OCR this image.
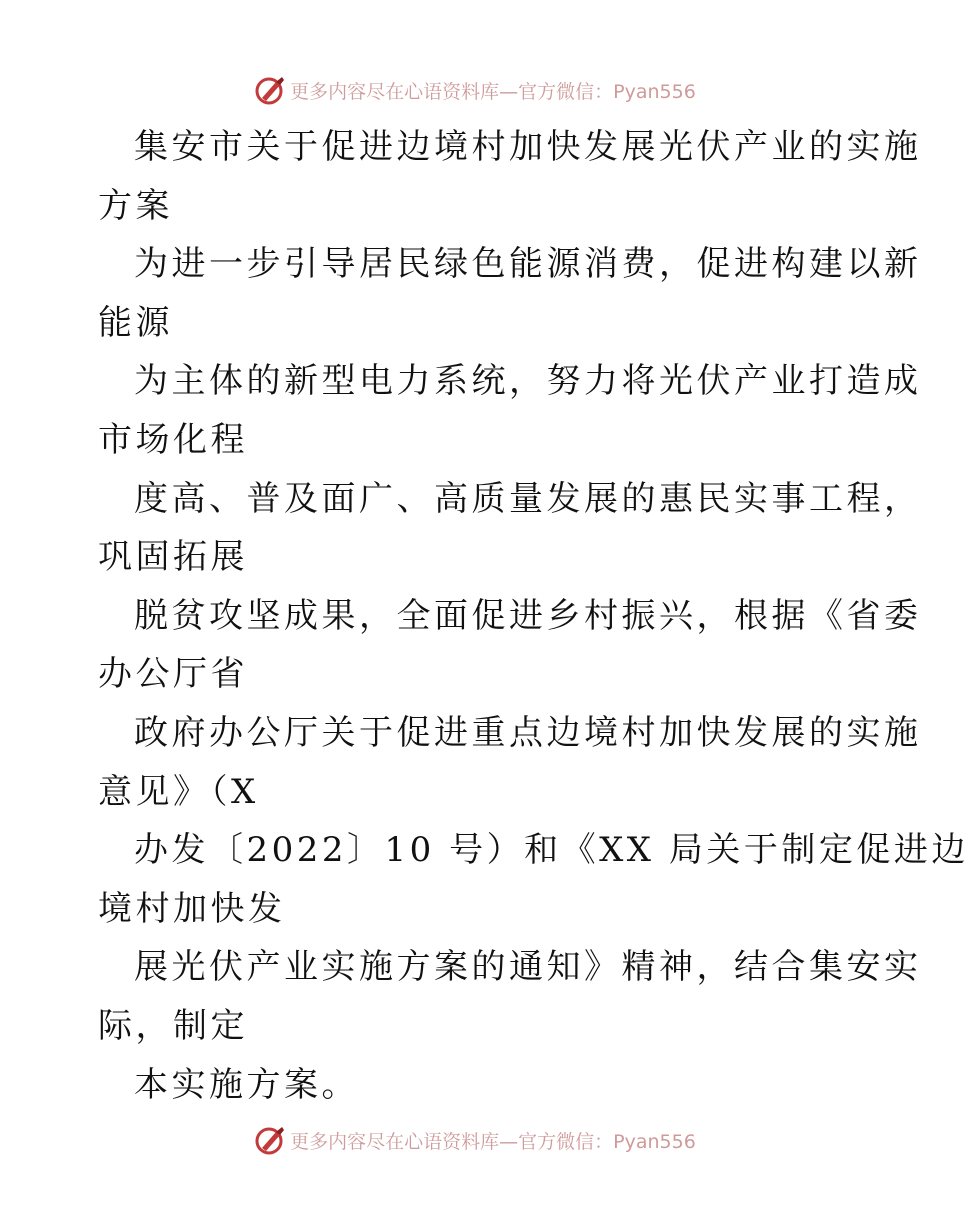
更多内容尽在心语资料库—官方微信：Pyan556
集安市关于促进边境村加快发展光伏产业的实施
方案
为进一步引导居民绿色能源消费，促进构建以新
能源
为主体的新型电力系统，努力将光伏产业打造成
市场化程
度高、普及面广、高质量发展的惠民实事工程，
巩固拓展
脱贫攻坚成果，全面促进乡村振兴，根据《省委
办公厅省
政府办公厅关于促进重点边境村加快发展的实施
意见》（X
办发〔2022〕10 号）和《XX 局关于制定促进边
境村加快发
展光伏产业实施方案的通知》精神，结合集安实
际，制定
本实施方案。
更多内容尽在心语资料库—官方微信：Pyan556
